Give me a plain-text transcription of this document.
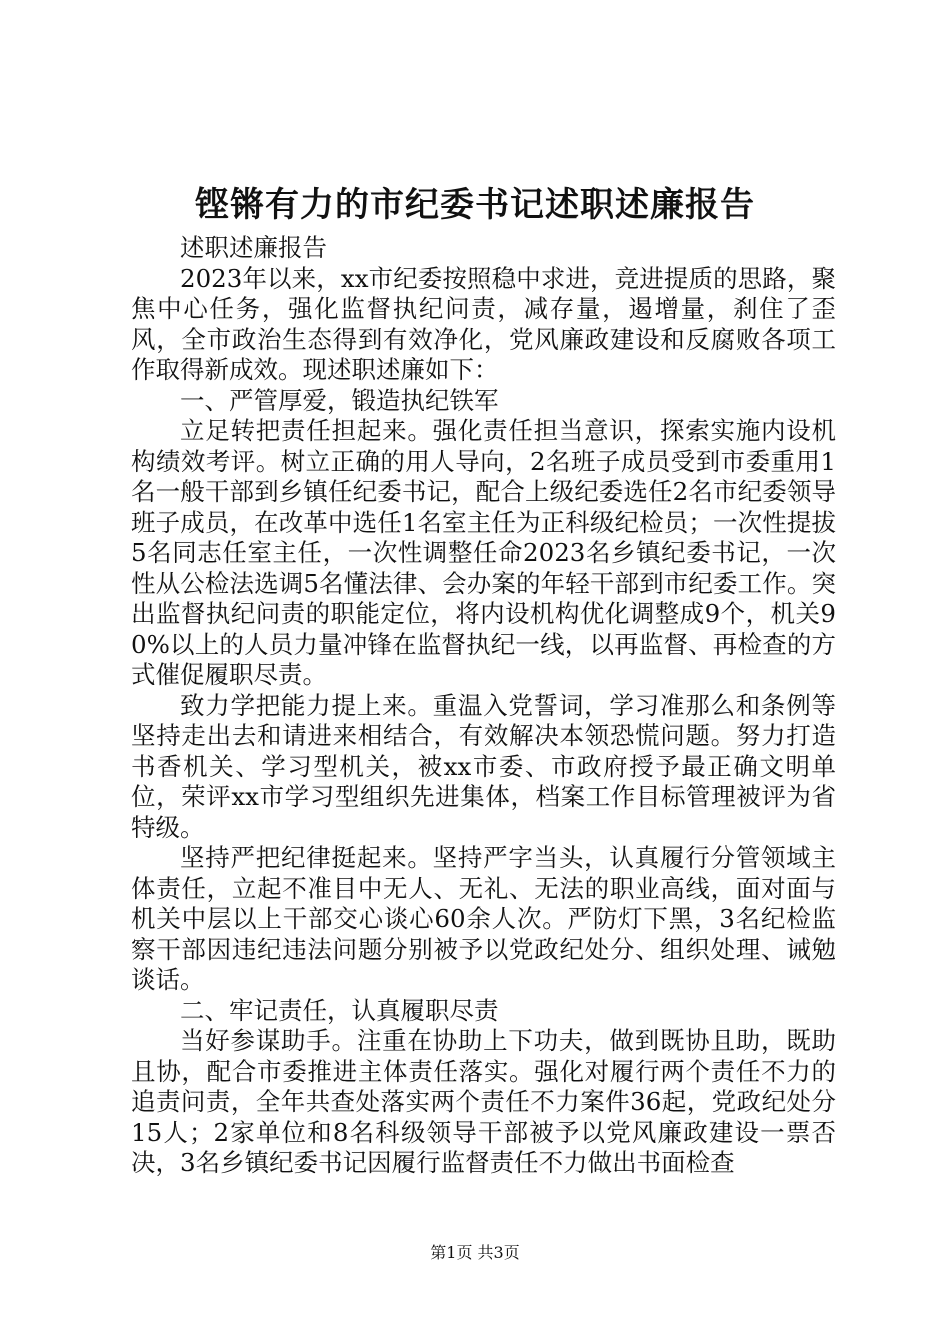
铿锵有力的市纪委书记述职述廉报告

述职述廉报告

2023年以来，xx市纪委按照稳中求进，竞进提质的思路，聚焦中心任务，强化监督执纪问责，减存量，遏增量，刹住了歪风，全市政治生态得到有效净化，党风廉政建设和反腐败各项工作取得新成效。现述职述廉如下：

一、严管厚爱，锻造执纪铁军

立足转把责任担起来。强化责任担当意识，探索实施内设机构绩效考评。树立正确的用人导向，2名班子成员受到市委重用1名一般干部到乡镇任纪委书记，配合上级纪委选任2名市纪委领导班子成员，在改革中选任1名室主任为正科级纪检员；一次性提拔5名同志任室主任，一次性调整任命2023名乡镇纪委书记，一次性从公检法选调5名懂法律、会办案的年轻干部到市纪委工作。突出监督执纪问责的职能定位，将内设机构优化调整成9个，机关90%以上的人员力量冲锋在监督执纪一线，以再监督、再检查的方式催促履职尽责。

致力学把能力提上来。重温入党誓词，学习准那么和条例等坚持走出去和请进来相结合，有效解决本领恐慌问题。努力打造书香机关、学习型机关，被xx市委、市政府授予最正确文明单位，荣评xx市学习型组织先进集体，档案工作目标管理被评为省特级。

坚持严把纪律挺起来。坚持严字当头，认真履行分管领域主体责任，立起不准目中无人、无礼、无法的职业高线，面对面与机关中层以上干部交心谈心60余人次。严防灯下黑，3名纪检监察干部因违纪违法问题分别被予以党政纪处分、组织处理、诫勉谈话。

二、牢记责任，认真履职尽责

当好参谋助手。注重在协助上下功夫，做到既协且助，既助且协，配合市委推进主体责任落实。强化对履行两个责任不力的追责问责，全年共查处落实两个责任不力案件36起，党政纪处分15人；2家单位和8名科级领导干部被予以党风廉政建设一票否决，3名乡镇纪委书记因履行监督责任不力做出书面检查

第1页 共3页
